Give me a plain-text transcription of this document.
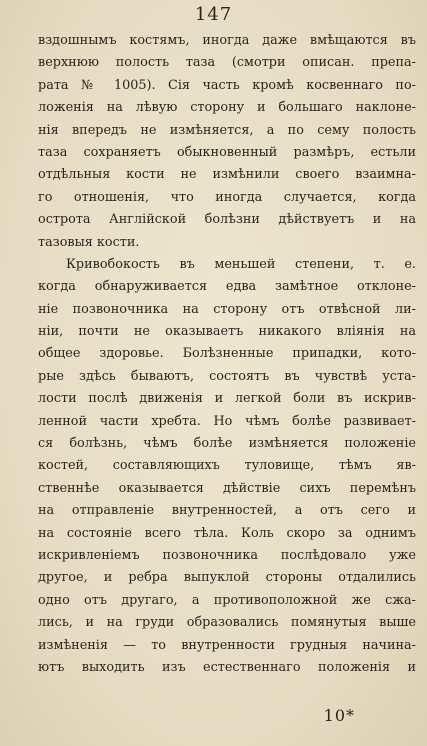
147
вздошнымъ костямъ, иногда даже вмѣщаются въ
верхнюю полость таза (смотри описан. препа-
рата № 1005). Сія часть кромѣ косвеннаго по-
ложенія на лѣвую сторону и большаго наклоне-
нія впередъ не измѣняется, а по сему полость
таза сохраняетъ обыкновенный размѣръ, естьли
отдѣльныя кости не измѣнили своего взаимна-
го отношенія, что иногда случается, когда
острота Англійской болѣзни дѣйствуетъ и на
тазовыя кости.
Кривобокость въ меньшей степени, т. е.
когда обнаруживается едва замѣтное отклоне-
ніе позвоночника на сторону отъ отвѣсной ли-
ніи, почти не оказываетъ никакого вліянія на
общее здоровье. Болѣзненные припадки, кото-
рые здѣсь бываютъ, состоятъ въ чувствѣ уста-
лости послѣ движенія и легкой боли въ искрив-
ленной части хребта. Но чѣмъ болѣе развивает-
ся болѣзнь, чѣмъ болѣе измѣняется положеніе
костей, составляющихъ туловище, тѣмъ яв-
ственнѣе оказывается дѣйствіе сихъ перемѣнъ
на отправленіе внутренностей, а отъ сего и
на состояніе всего тѣла. Коль скоро за однимъ
искривленіемъ позвоночника послѣдовало уже
другое, и ребра выпуклой стороны отдалились
одно отъ другаго, а противоположной же сжа-
лись, и на груди образовались помянутыя выше
измѣненія — то внутренности грудныя начина-
ютъ выходить изъ естественнаго положенія и
10*
